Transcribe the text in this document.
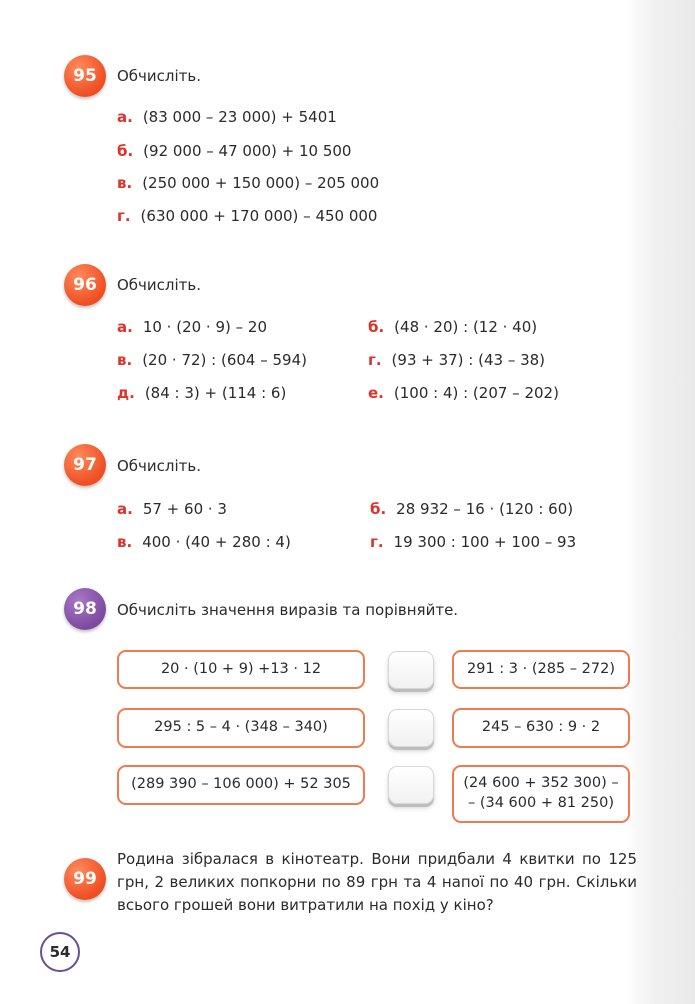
95	Обчисліть.
а. (83 000 – 23 000) + 5401
б. (92 000 – 47 000) + 10 500
в. (250 000 + 150 000) – 205 000
г. (630 000 + 170 000) – 450 000
96	Обчисліть.
а. 10 · (20 · 9) – 20	б. (48 · 20) : (12 · 40)
в. (20 · 72) : (604 – 594)	г. (93 + 37) : (43 – 38)
д. (84 : 3) + (114 : 6)	е. (100 : 4) : (207 – 202)
97	Обчисліть.
а. 57 + 60 · 3	б. 28 932 – 16 · (120 : 60)
в. 400 · (40 + 280 : 4)	г. 19 300 : 100 + 100 – 93
98	Обчисліть значення виразів та порівняйте.
20 · (10 + 9) +13 · 12	291 : 3 · (285 – 272)
295 : 5 – 4 · (348 – 340)	245 – 630 : 9 · 2
(289 390 – 106 000) + 52 305	(24 600 + 352 300) –
– (34 600 + 81 250)
99
Родина зібралася в кінотеатр. Вони придбали 4 квитки по 125 грн, 2 великих попкорни по 89 грн та 4 напої по 40 грн. Скільки всього грошей вони витратили на похід у кіно?
54
